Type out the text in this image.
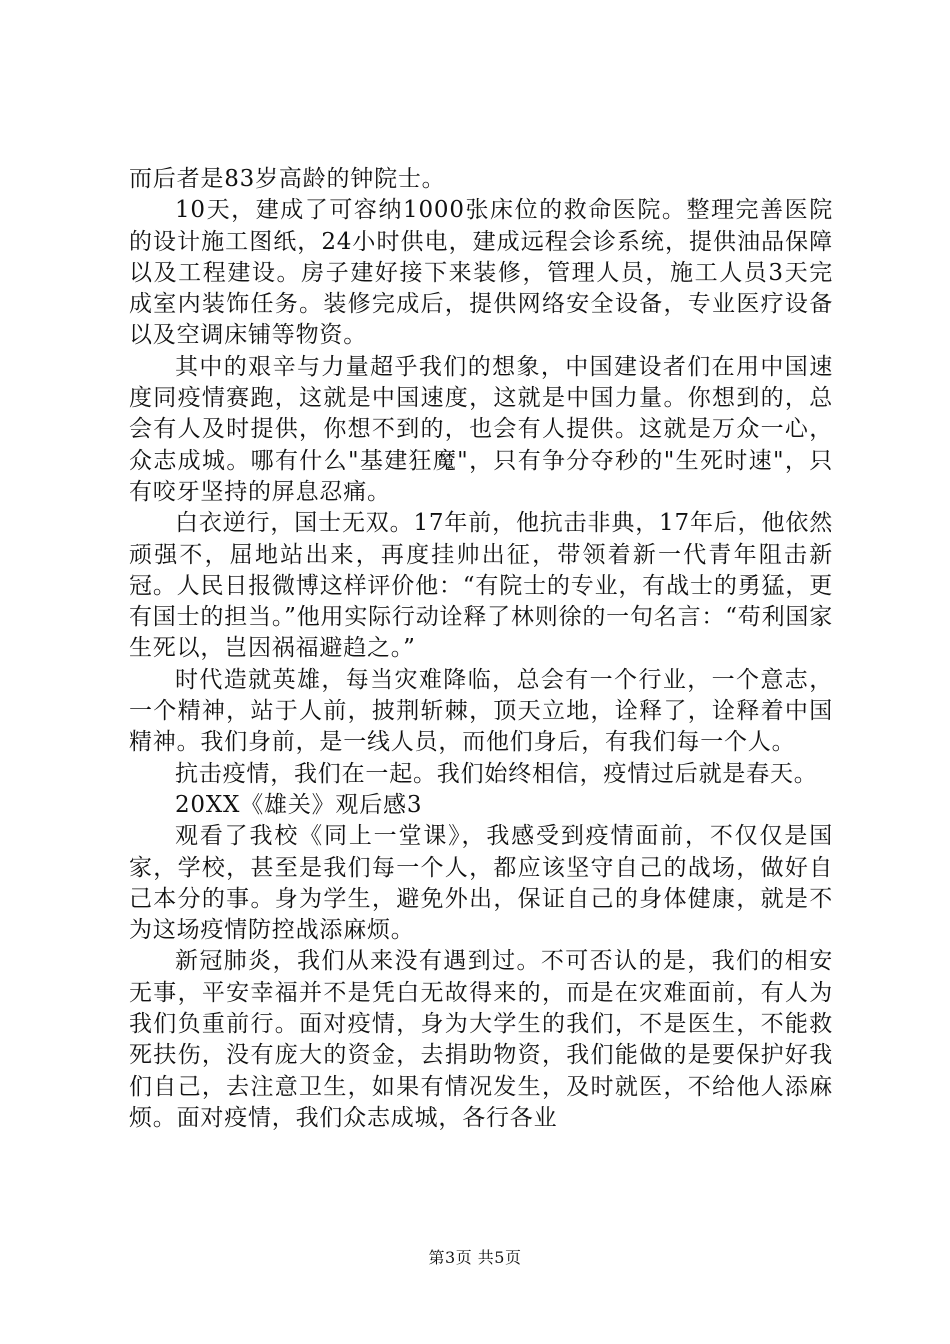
而后者是83岁高龄的钟院士。

10天，建成了可容纳1000张床位的救命医院。整理完善医院的设计施工图纸，24小时供电，建成远程会诊系统，提供油品保障以及工程建设。房子建好接下来装修，管理人员，施工人员3天完成室内装饰任务。装修完成后，提供网络安全设备，专业医疗设备以及空调床铺等物资。

其中的艰辛与力量超乎我们的想象，中国建设者们在用中国速度同疫情赛跑，这就是中国速度，这就是中国力量。你想到的，总会有人及时提供，你想不到的，也会有人提供。这就是万众一心，众志成城。哪有什么"基建狂魔"，只有争分夺秒的"生死时速"，只有咬牙坚持的屏息忍痛。

白衣逆行，国士无双。17年前，他抗击非典，17年后，他依然顽强不，屈地站出来，再度挂帅出征，带领着新一代青年阻击新冠。人民日报微博这样评价他：“有院士的专业，有战士的勇猛，更有国士的担当。”他用实际行动诠释了林则徐的一句名言：“苟利国家生死以，岂因祸福避趋之。”

时代造就英雄，每当灾难降临，总会有一个行业，一个意志，一个精神，站于人前，披荆斩棘，顶天立地，诠释了，诠释着中国精神。我们身前，是一线人员，而他们身后，有我们每一个人。

抗击疫情，我们在一起。我们始终相信，疫情过后就是春天。

20XX《雄关》观后感3

观看了我校《同上一堂课》，我感受到疫情面前，不仅仅是国家，学校，甚至是我们每一个人，都应该坚守自己的战场，做好自己本分的事。身为学生，避免外出，保证自己的身体健康，就是不为这场疫情防控战添麻烦。

新冠肺炎，我们从来没有遇到过。不可否认的是，我们的相安无事，平安幸福并不是凭白无故得来的，而是在灾难面前，有人为我们负重前行。面对疫情，身为大学生的我们，不是医生，不能救死扶伤，没有庞大的资金，去捐助物资，我们能做的是要保护好我们自己，去注意卫生，如果有情况发生，及时就医，不给他人添麻烦。面对疫情，我们众志成城，各行各业

第3页 共5页
